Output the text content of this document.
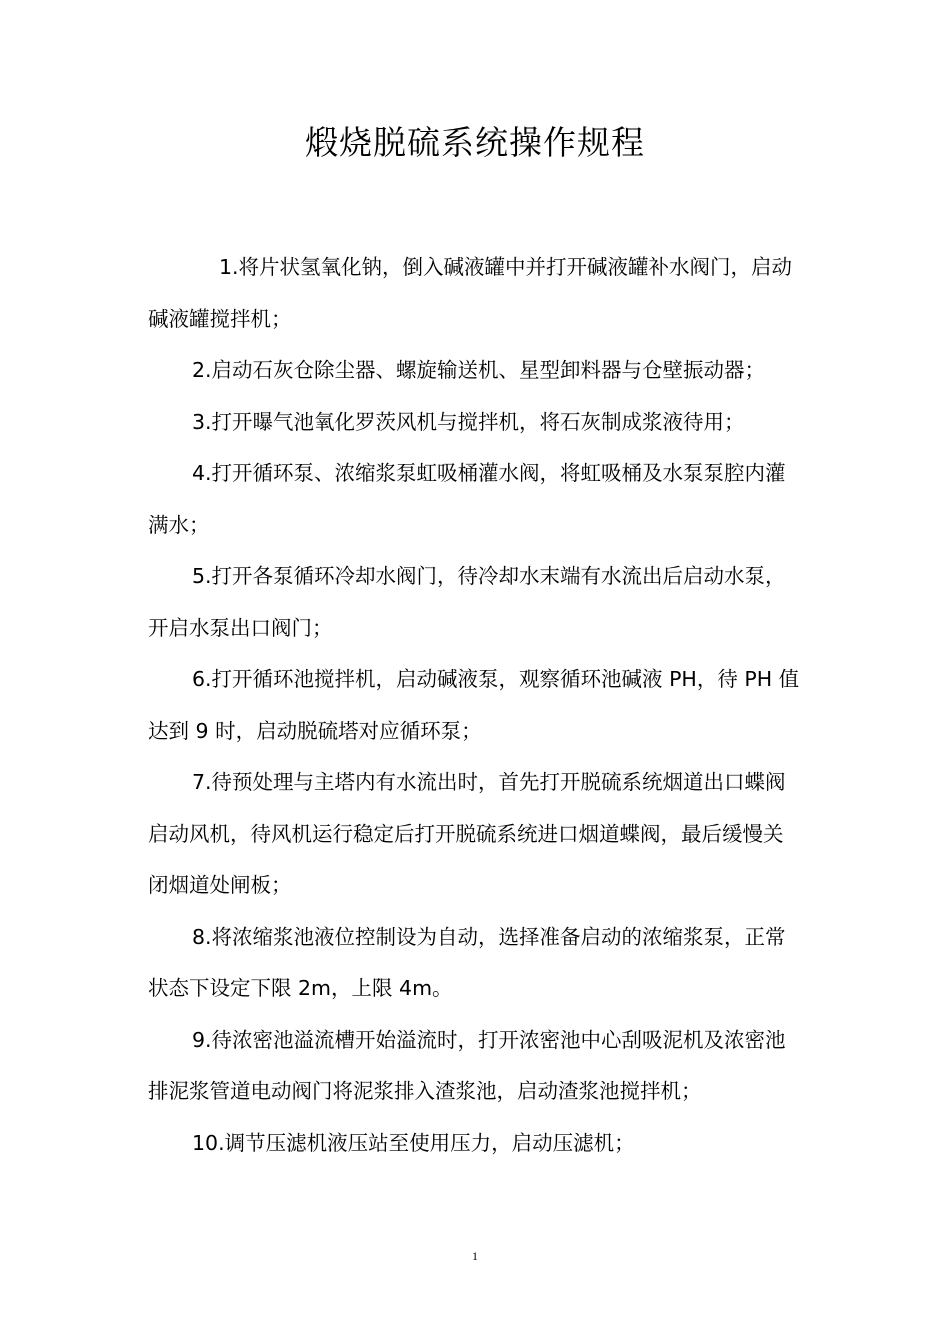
煅烧脱硫系统操作规程

1.将片状氢氧化钠，倒入碱液罐中并打开碱液罐补水阀门，启动碱液罐搅拌机；

2.启动石灰仓除尘器、螺旋输送机、星型卸料器与仓壁振动器；

3.打开曝气池氧化罗茨风机与搅拌机，将石灰制成浆液待用；

4.打开循环泵、浓缩浆泵虹吸桶灌水阀，将虹吸桶及水泵泵腔内灌满水；

5.打开各泵循环冷却水阀门，待冷却水末端有水流出后启动水泵，开启水泵出口阀门；

6.打开循环池搅拌机，启动碱液泵，观察循环池碱液 PH，待 PH 值达到 9 时，启动脱硫塔对应循环泵；

7.待预处理与主塔内有水流出时，首先打开脱硫系统烟道出口蝶阀启动风机，待风机运行稳定后打开脱硫系统进口烟道蝶阀，最后缓慢关闭烟道处闸板；

8.将浓缩浆池液位控制设为自动，选择准备启动的浓缩浆泵，正常状态下设定下限 2m，上限 4m。

9.待浓密池溢流槽开始溢流时，打开浓密池中心刮吸泥机及浓密池排泥浆管道电动阀门将泥浆排入渣浆池，启动渣浆池搅拌机；

10.调节压滤机液压站至使用压力，启动压滤机；

1
